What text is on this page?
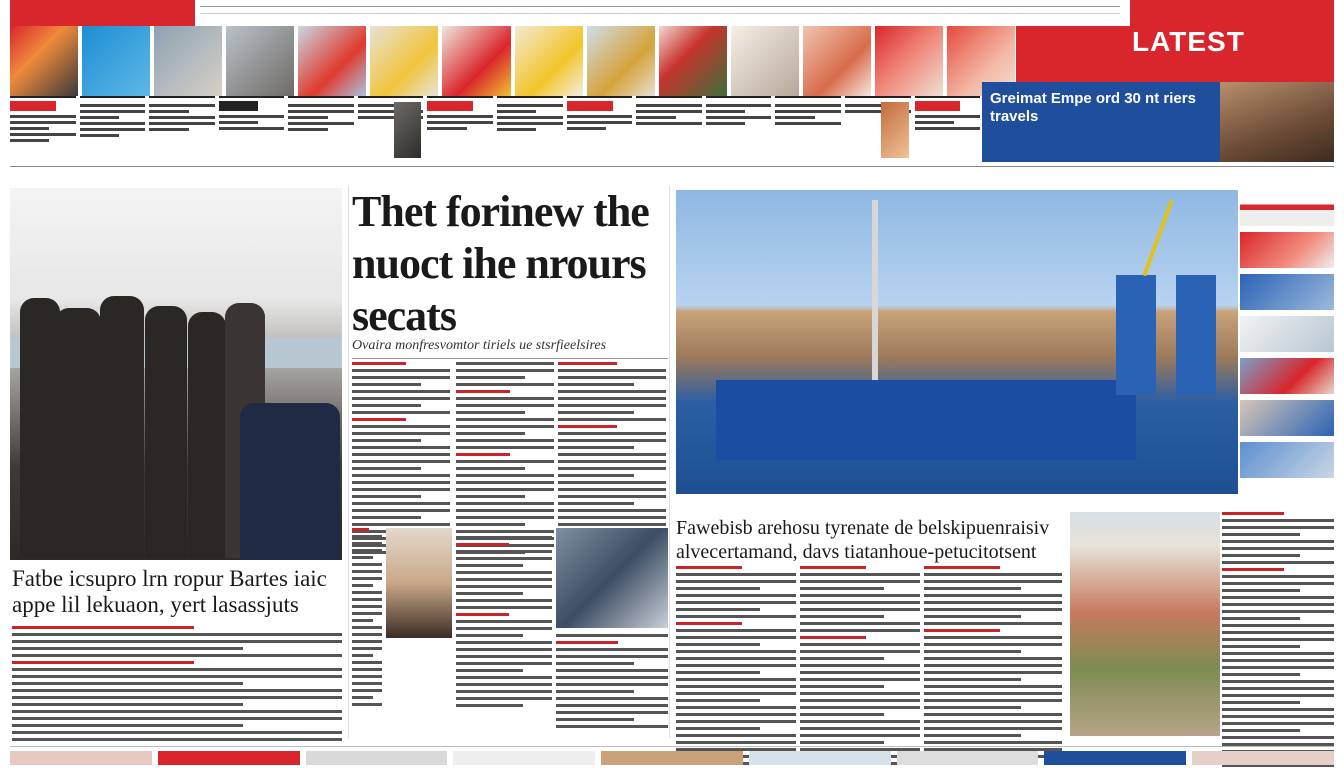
LATEST
Greimat Empe ord 30 nt riers travels
Fatbe icsupro lrn ropur Bartes iaic appe lil lekuaon, yert lasassjuts
Thet forinew the nuoct ihe nrours secats
Ovaira monfresvomtor tiriels ue stsrfieelsires
Fawebisb arehosu tyrenate de belskipuenraisiv alvecertamand, davs tiatanhoue-petucitotsent
